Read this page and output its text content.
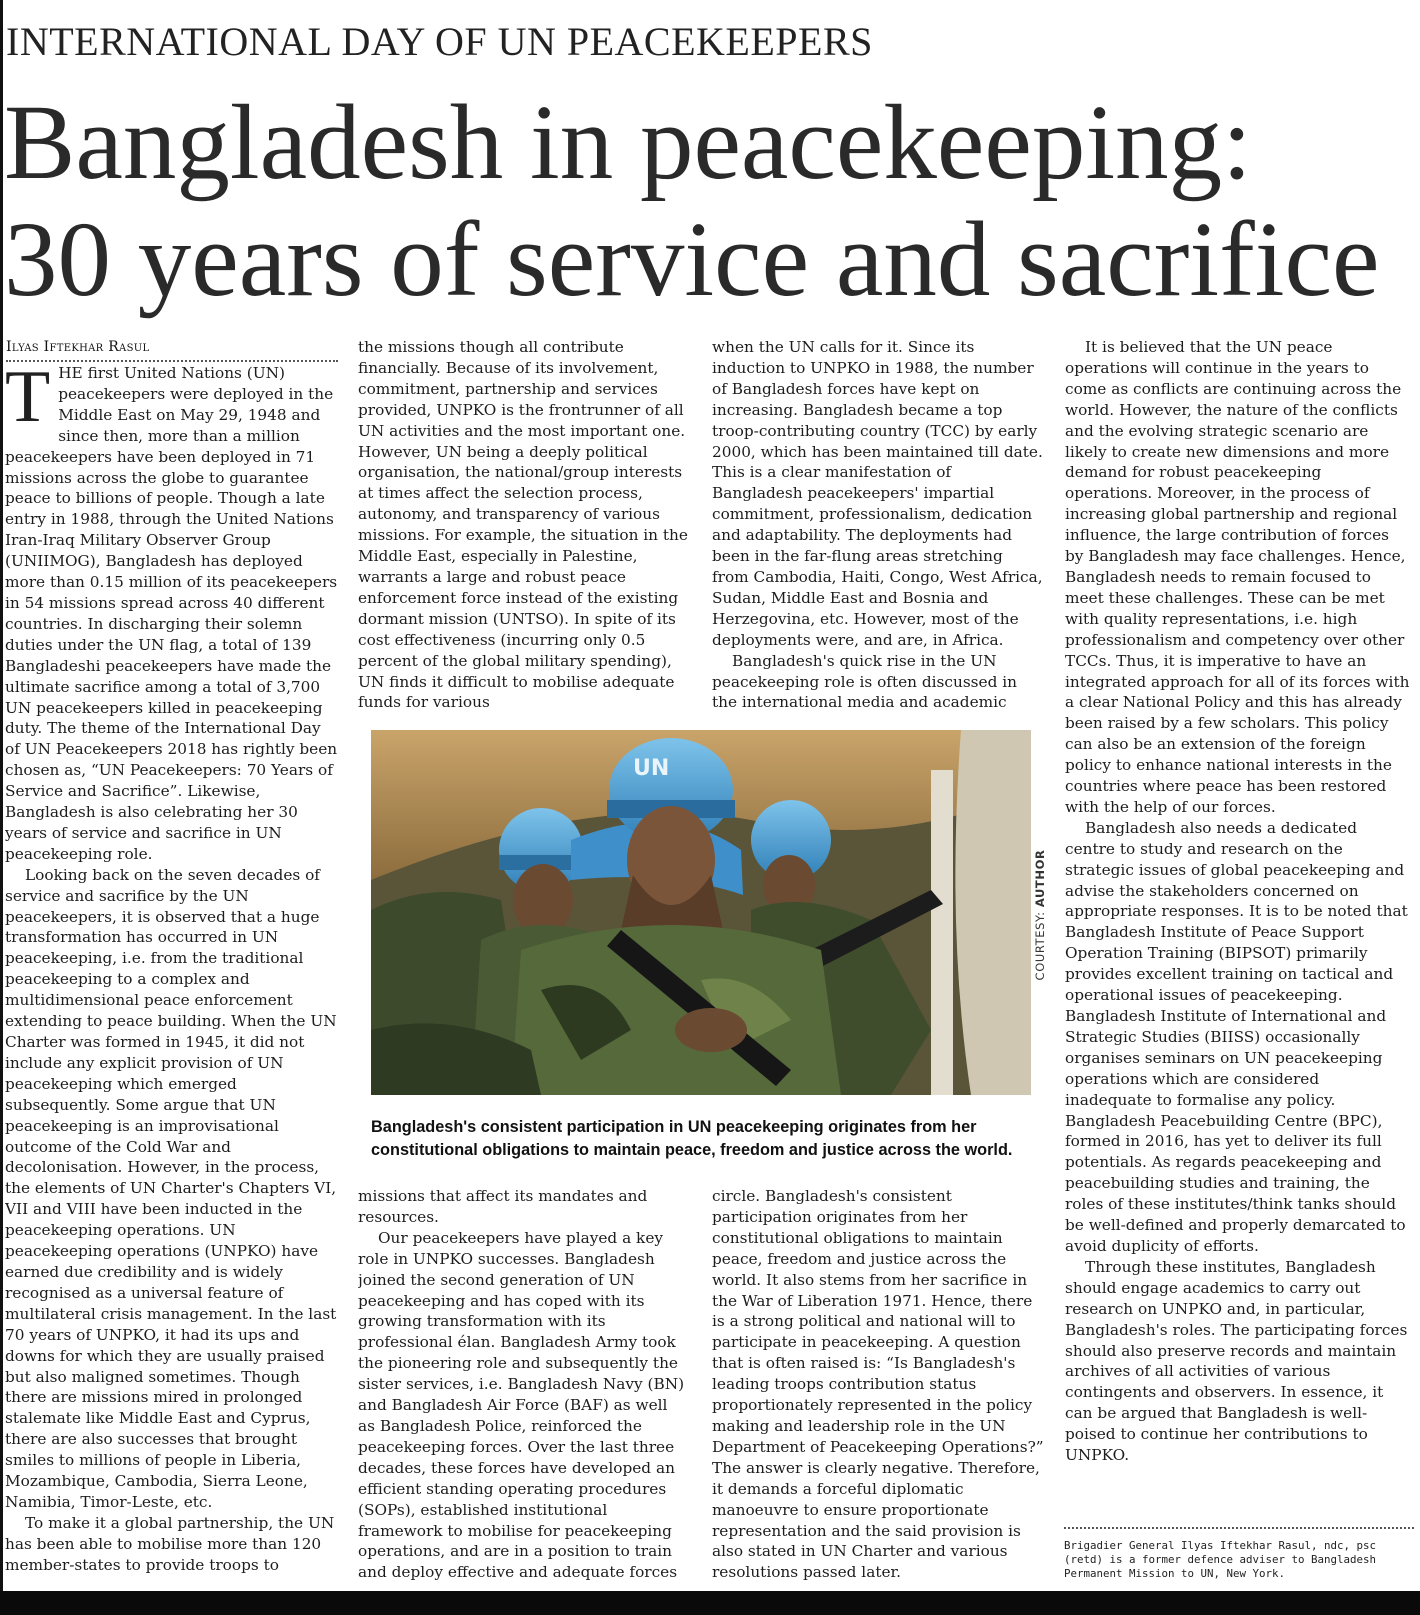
INTERNATIONAL DAY OF UN PEACEKEEPERS
Bangladesh in peacekeeping:
30 years of service and sacrifice
Ilyas Iftekhar Rasul

THE first United Nations (UN) peacekeepers were deployed in the Middle East on May 29, 1948 and since then, more than a million peacekeepers have been deployed in 71 missions across the globe to guarantee peace to billions of people. Though a late entry in 1988, through the United Nations Iran-Iraq Military Observer Group (UNIIMOG), Bangladesh has deployed more than 0.15 million of its peacekeepers in 54 missions spread across 40 different countries. In discharging their solemn duties under the UN flag, a total of 139 Bangladeshi peacekeepers have made the ultimate sacrifice among a total of 3,700 UN peacekeepers killed in peacekeeping duty. The theme of the International Day of UN Peacekeepers 2018 has rightly been chosen as, “UN Peacekeepers: 70 Years of Service and Sacrifice”. Likewise, Bangladesh is also celebrating her 30 years of service and sacrifice in UN peacekeeping role.

Looking back on the seven decades of service and sacrifice by the UN peacekeepers, it is observed that a huge transformation has occurred in UN peacekeeping, i.e. from the traditional peacekeeping to a complex and multidimensional peace enforcement extending to peace building. When the UN Charter was formed in 1945, it did not include any explicit provision of UN peacekeeping which emerged subsequently. Some argue that UN peacekeeping is an improvisational outcome of the Cold War and decolonisation. However, in the process, the elements of UN Charter's Chapters VI, VII and VIII have been inducted in the peacekeeping operations. UN peacekeeping operations (UNPKO) have earned due credibility and is widely recognised as a universal feature of multilateral crisis management. In the last 70 years of UNPKO, it had its ups and downs for which they are usually praised but also maligned sometimes. Though there are missions mired in prolonged stalemate like Middle East and Cyprus, there are also successes that brought smiles to millions of people in Liberia, Mozambique, Cambodia, Sierra Leone, Namibia, Timor-Leste, etc.

To make it a global partnership, the UN has been able to mobilise more than 120 member-states to provide troops to

the missions though all contribute financially. Because of its involvement, commitment, partnership and services provided, UNPKO is the frontrunner of all UN activities and the most important one. However, UN being a deeply political organisation, the national/group interests at times affect the selection process, autonomy, and transparency of various missions. For example, the situation in the Middle East, especially in Palestine, warrants a large and robust peace enforcement force instead of the existing dormant mission (UNTSO). In spite of its cost effectiveness (incurring only 0.5 percent of the global military spending), UN finds it difficult to mobilise adequate funds for various

when the UN calls for it. Since its induction to UNPKO in 1988, the number of Bangladesh forces have kept on increasing. Bangladesh became a top troop-contributing country (TCC) by early 2000, which has been maintained till date. This is a clear manifestation of Bangladesh peacekeepers' impartial commitment, professionalism, dedication and adaptability. The deployments had been in the far-flung areas stretching from Cambodia, Haiti, Congo, West Africa, Sudan, Middle East and Bosnia and Herzegovina, etc. However, most of the deployments were, and are, in Africa.

Bangladesh's quick rise in the UN peacekeeping role is often discussed in the international media and academic

UN
COURTESY: AUTHOR

Bangladesh's consistent participation in UN peacekeeping originates from her
constitutional obligations to maintain peace, freedom and justice across the world.

missions that affect its mandates and resources.

Our peacekeepers have played a key role in UNPKO successes. Bangladesh joined the second generation of UN peacekeeping and has coped with its growing transformation with its professional élan. Bangladesh Army took the pioneering role and subsequently the sister services, i.e. Bangladesh Navy (BN) and Bangladesh Air Force (BAF) as well as Bangladesh Police, reinforced the peacekeeping forces. Over the last three decades, these forces have developed an efficient standing operating procedures (SOPs), established institutional framework to mobilise for peacekeeping operations, and are in a position to train and deploy effective and adequate forces

circle. Bangladesh's consistent participation originates from her constitutional obligations to maintain peace, freedom and justice across the world. It also stems from her sacrifice in the War of Liberation 1971. Hence, there is a strong political and national will to participate in peacekeeping. A question that is often raised is: “Is Bangladesh's leading troops contribution status proportionately represented in the policy making and leadership role in the UN Department of Peacekeeping Operations?” The answer is clearly negative. Therefore, it demands a forceful diplomatic manoeuvre to ensure proportionate representation and the said provision is also stated in UN Charter and various resolutions passed later.

It is believed that the UN peace operations will continue in the years to come as conflicts are continuing across the world. However, the nature of the conflicts and the evolving strategic scenario are likely to create new dimensions and more demand for robust peacekeeping operations. Moreover, in the process of increasing global partnership and regional influence, the large contribution of forces by Bangladesh may face challenges. Hence, Bangladesh needs to remain focused to meet these challenges. These can be met with quality representations, i.e. high professionalism and competency over other TCCs. Thus, it is imperative to have an integrated approach for all of its forces with a clear National Policy and this has already been raised by a few scholars. This policy can also be an extension of the foreign policy to enhance national interests in the countries where peace has been restored with the help of our forces.

Bangladesh also needs a dedicated centre to study and research on the strategic issues of global peacekeeping and advise the stakeholders concerned on appropriate responses. It is to be noted that Bangladesh Institute of Peace Support Operation Training (BIPSOT) primarily provides excellent training on tactical and operational issues of peacekeeping. Bangladesh Institute of International and Strategic Studies (BIISS) occasionally organises seminars on UN peacekeeping operations which are considered inadequate to formalise any policy. Bangladesh Peacebuilding Centre (BPC), formed in 2016, has yet to deliver its full potentials. As regards peacekeeping and peacebuilding studies and training, the roles of these institutes/think tanks should be well-defined and properly demarcated to avoid duplicity of efforts.

Through these institutes, Bangladesh should engage academics to carry out research on UNPKO and, in particular, Bangladesh's roles. The participating forces should also preserve records and maintain archives of all activities of various contingents and observers. In essence, it can be argued that Bangladesh is well-poised to continue her contributions to UNPKO.

Brigadier General Ilyas Iftekhar Rasul, ndc, psc (retd) is a former defence adviser to Bangladesh Permanent Mission to UN, New York.
